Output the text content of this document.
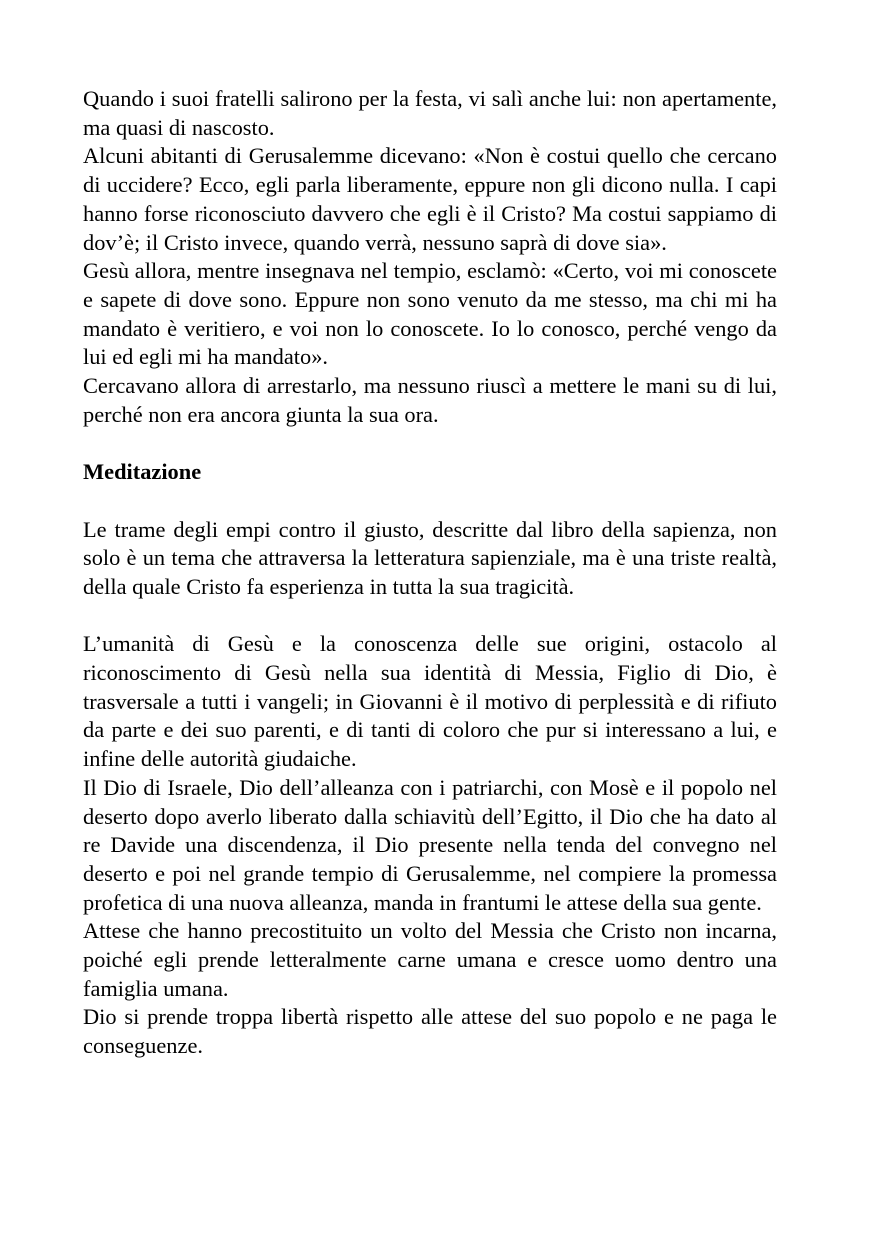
Quando i suoi fratelli salirono per la festa, vi salì anche lui: non apertamente, ma quasi di nascosto.

Alcuni abitanti di Gerusalemme dicevano: «Non è costui quello che cercano di uccidere? Ecco, egli parla liberamente, eppure non gli dicono nulla. I capi hanno forse riconosciuto davvero che egli è il Cristo? Ma costui sappiamo di dov’è; il Cristo invece, quando verrà, nessuno saprà di dove sia».

Gesù allora, mentre insegnava nel tempio, esclamò: «Certo, voi mi conoscete e sapete di dove sono. Eppure non sono venuto da me stesso, ma chi mi ha mandato è veritiero, e voi non lo conoscete. Io lo conosco, perché vengo da lui ed egli mi ha mandato».

Cercavano allora di arrestarlo, ma nessuno riuscì a mettere le mani su di lui, perché non era ancora giunta la sua ora.

Meditazione

Le trame degli empi contro il giusto, descritte dal libro della sapienza, non solo è un tema che attraversa la letteratura sapienziale, ma è una triste realtà, della quale Cristo fa esperienza in tutta la sua tragicità.

L’umanità di Gesù e la conoscenza delle sue origini, ostacolo al riconoscimento di Gesù nella sua identità di Messia, Figlio di Dio, è trasversale a tutti i vangeli; in Giovanni è il motivo di perplessità e di rifiuto da parte e dei suo parenti, e di tanti di coloro che pur si interessano a lui, e infine delle autorità giudaiche.

Il Dio di Israele, Dio dell’alleanza con i patriarchi, con Mosè e il popolo nel deserto dopo averlo liberato dalla schiavitù dell’Egitto, il Dio che ha dato al re Davide una discendenza, il Dio presente nella tenda del convegno nel deserto e poi nel grande tempio di Gerusalemme, nel compiere la promessa profetica di una nuova alleanza, manda in frantumi le attese della sua gente.

Attese che hanno precostituito un volto del Messia che Cristo non incarna, poiché egli prende letteralmente carne umana e cresce uomo dentro una famiglia umana.

Dio si prende troppa libertà rispetto alle attese del suo popolo e ne paga le conseguenze.
